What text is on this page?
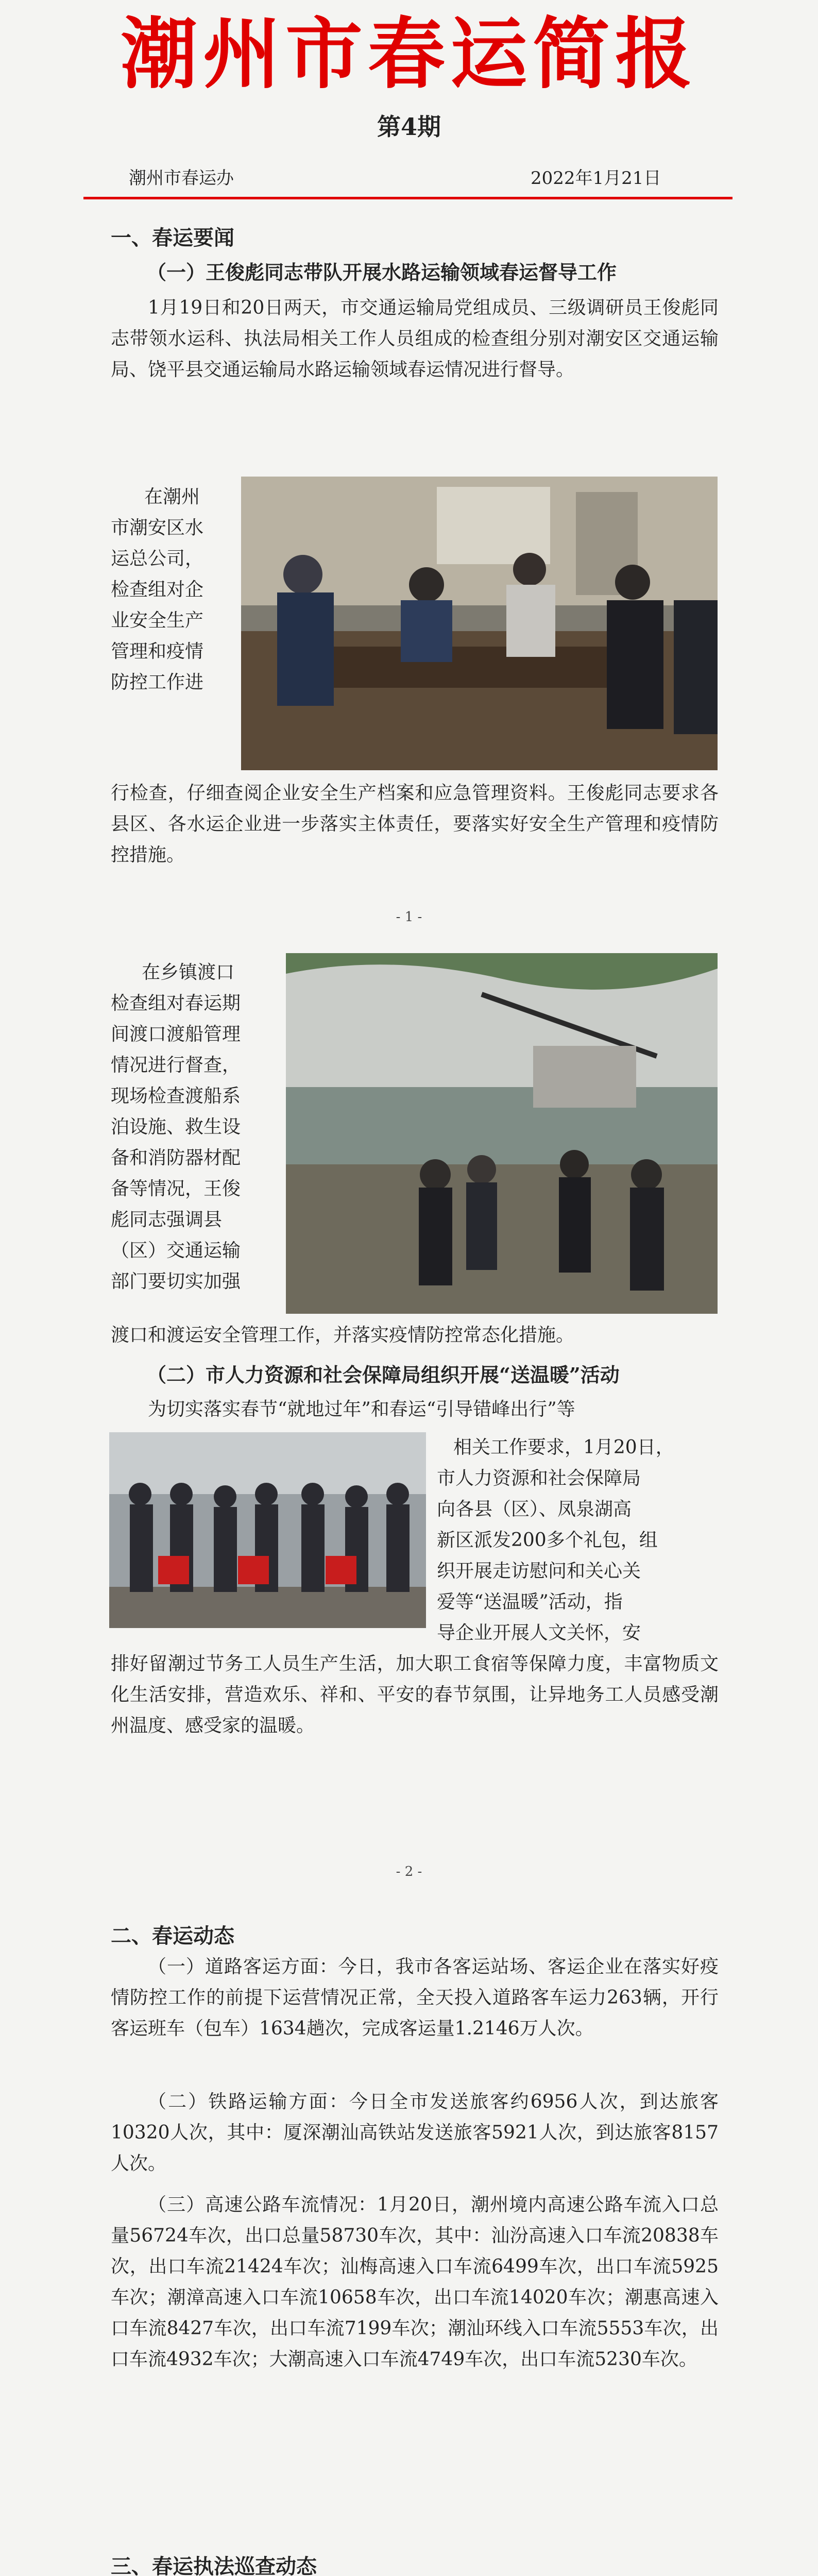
潮州市春运简报
第4期
潮州市春运办	2022年1月21日
一、春运要闻
（一）王俊彪同志带队开展水路运输领域春运督导工作
1月19日和20日两天，市交通运输局党组成员、三级调研员王俊彪同志带领水运科、执法局相关工作人员组成的检查组分别对潮安区交通运输局、饶平县交通运输局水路运输领域春运情况进行督导。
在潮州
市潮安区水
运总公司，
检查组对企
业安全生产
管理和疫情
防控工作进
行检查，仔细查阅企业安全生产档案和应急管理资料。王俊彪同志要求各县区、各水运企业进一步落实主体责任，要落实好安全生产管理和疫情防控措施。
- 1 -
在乡镇渡口
检查组对春运期
间渡口渡船管理
情况进行督查，
现场检查渡船系
泊设施、救生设
备和消防器材配
备等情况，王俊
彪同志强调县
（区）交通运输
部门要切实加强
渡口和渡运安全管理工作，并落实疫情防控常态化措施。
（二）市人力资源和社会保障局组织开展“送温暖”活动
为切实落实春节“就地过年”和春运“引导错峰出行”等
相关工作要求，1月20日，
市人力资源和社会保障局
向各县（区）、凤泉湖高
新区派发200多个礼包，组
织开展走访慰问和关心关
爱等“送温暖”活动，指
导企业开展人文关怀，安
排好留潮过节务工人员生产生活，加大职工食宿等保障力度，丰富物质文化生活安排，营造欢乐、祥和、平安的春节氛围，让异地务工人员感受潮州温度、感受家的温暖。
- 2 -
二、春运动态
（一）道路客运方面：今日，我市各客运站场、客运企业在落实好疫情防控工作的前提下运营情况正常，全天投入道路客车运力263辆，开行客运班车（包车）1634趟次，完成客运量1.2146万人次。
（二）铁路运输方面：今日全市发送旅客约6956人次，到达旅客10320人次，其中：厦深潮汕高铁站发送旅客5921人次，到达旅客8157人次。
（三）高速公路车流情况：1月20日，潮州境内高速公路车流入口总量56724车次，出口总量58730车次，其中：汕汾高速入口车流20838车次，出口车流21424车次；汕梅高速入口车流6499车次，出口车流5925车次；潮漳高速入口车流10658车次，出口车流14020车次；潮惠高速入口车流8427车次，出口车流7199车次；潮汕环线入口车流5553车次，出口车流4932车次；大潮高速入口车流4749车次，出口车流5230车次。
三、春运执法巡查动态
